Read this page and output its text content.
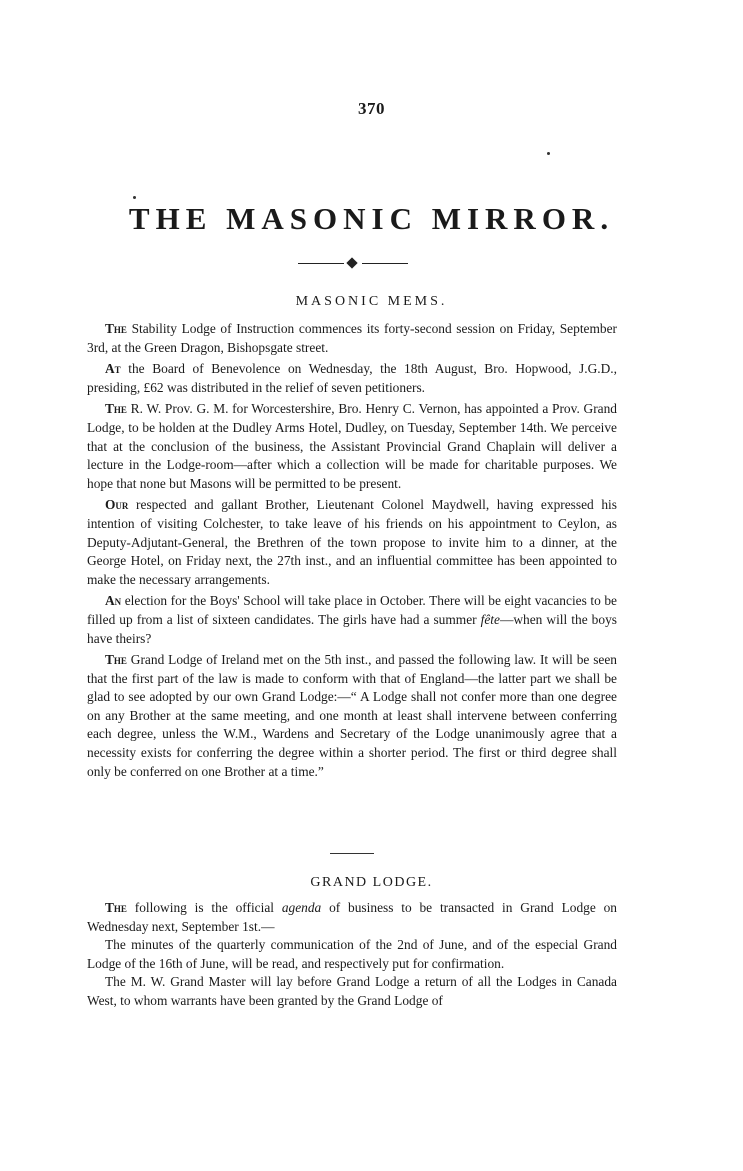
370
THE MASONIC MIRROR.
MASONIC MEMS.

The Stability Lodge of Instruction commences its forty-second session on Friday, September 3rd, at the Green Dragon, Bishopsgate street.

At the Board of Benevolence on Wednesday, the 18th August, Bro. Hopwood, J.G.D., presiding, £62 was distributed in the relief of seven petitioners.

The R. W. Prov. G. M. for Worcestershire, Bro. Henry C. Vernon, has appointed a Prov. Grand Lodge, to be holden at the Dudley Arms Hotel, Dudley, on Tuesday, September 14th. We perceive that at the conclusion of the business, the Assistant Provincial Grand Chaplain will deliver a lecture in the Lodge-room—after which a collection will be made for charitable purposes. We hope that none but Masons will be permitted to be present.

Our respected and gallant Brother, Lieutenant Colonel Maydwell, having expressed his intention of visiting Colchester, to take leave of his friends on his appointment to Ceylon, as Deputy-Adjutant-General, the Brethren of the town propose to invite him to a dinner, at the George Hotel, on Friday next, the 27th inst., and an influential committee has been appointed to make the necessary arrangements.

An election for the Boys' School will take place in October. There will be eight vacancies to be filled up from a list of sixteen candidates. The girls have had a summer fête—when will the boys have theirs?

The Grand Lodge of Ireland met on the 5th inst., and passed the following law. It will be seen that the first part of the law is made to conform with that of England—the latter part we shall be glad to see adopted by our own Grand Lodge:—“ A Lodge shall not confer more than one degree on any Brother at the same meeting, and one month at least shall intervene between conferring each degree, unless the W.M., Wardens and Secretary of the Lodge unanimously agree that a necessity exists for conferring the degree within a shorter period. The first or third degree shall only be conferred on one Brother at a time.”

GRAND LODGE.

The following is the official agenda of business to be transacted in Grand Lodge on Wednesday next, September 1st.—

The minutes of the quarterly communication of the 2nd of June, and of the especial Grand Lodge of the 16th of June, will be read, and respectively put for confirmation.

The M. W. Grand Master will lay before Grand Lodge a return of all the Lodges in Canada West, to whom warrants have been granted by the Grand Lodge of
